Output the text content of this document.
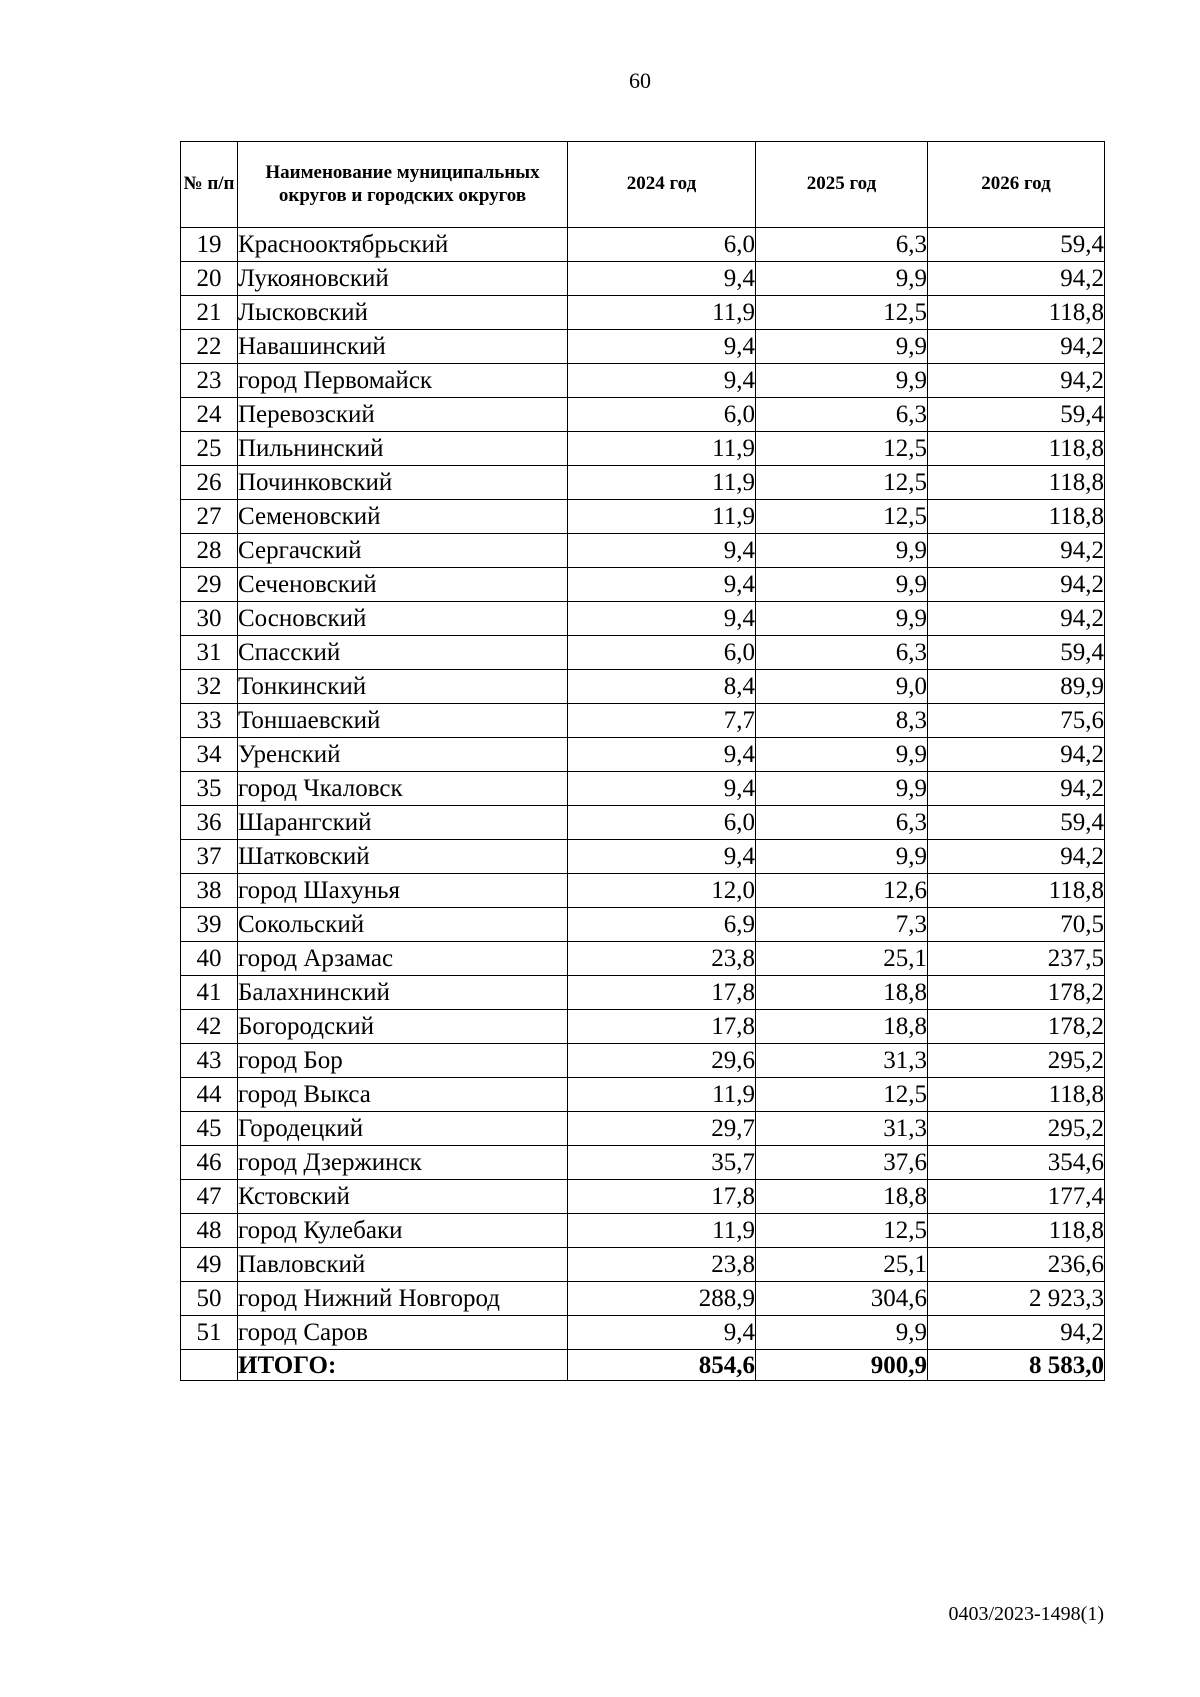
60
№ п/п	Наименование муниципальных округов и городских округов	2024 год	2025 год	2026 год
19	Краснооктябрьский	6,0	6,3	59,4
20	Лукояновский	9,4	9,9	94,2
21	Лысковский	11,9	12,5	118,8
22	Навашинский	9,4	9,9	94,2
23	город Первомайск	9,4	9,9	94,2
24	Перевозский	6,0	6,3	59,4
25	Пильнинский	11,9	12,5	118,8
26	Починковский	11,9	12,5	118,8
27	Семеновский	11,9	12,5	118,8
28	Сергачский	9,4	9,9	94,2
29	Сеченовский	9,4	9,9	94,2
30	Сосновский	9,4	9,9	94,2
31	Спасский	6,0	6,3	59,4
32	Тонкинский	8,4	9,0	89,9
33	Тоншаевский	7,7	8,3	75,6
34	Уренский	9,4	9,9	94,2
35	город Чкаловск	9,4	9,9	94,2
36	Шарангский	6,0	6,3	59,4
37	Шатковский	9,4	9,9	94,2
38	город Шахунья	12,0	12,6	118,8
39	Сокольский	6,9	7,3	70,5
40	город Арзамас	23,8	25,1	237,5
41	Балахнинский	17,8	18,8	178,2
42	Богородский	17,8	18,8	178,2
43	город Бор	29,6	31,3	295,2
44	город Выкса	11,9	12,5	118,8
45	Городецкий	29,7	31,3	295,2
46	город Дзержинск	35,7	37,6	354,6
47	Кстовский	17,8	18,8	177,4
48	город Кулебаки	11,9	12,5	118,8
49	Павловский	23,8	25,1	236,6
50	город Нижний Новгород	288,9	304,6	2 923,3
51	город Саров	9,4	9,9	94,2
	ИТОГО:	854,6	900,9	8 583,0
0403/2023-1498(1)
